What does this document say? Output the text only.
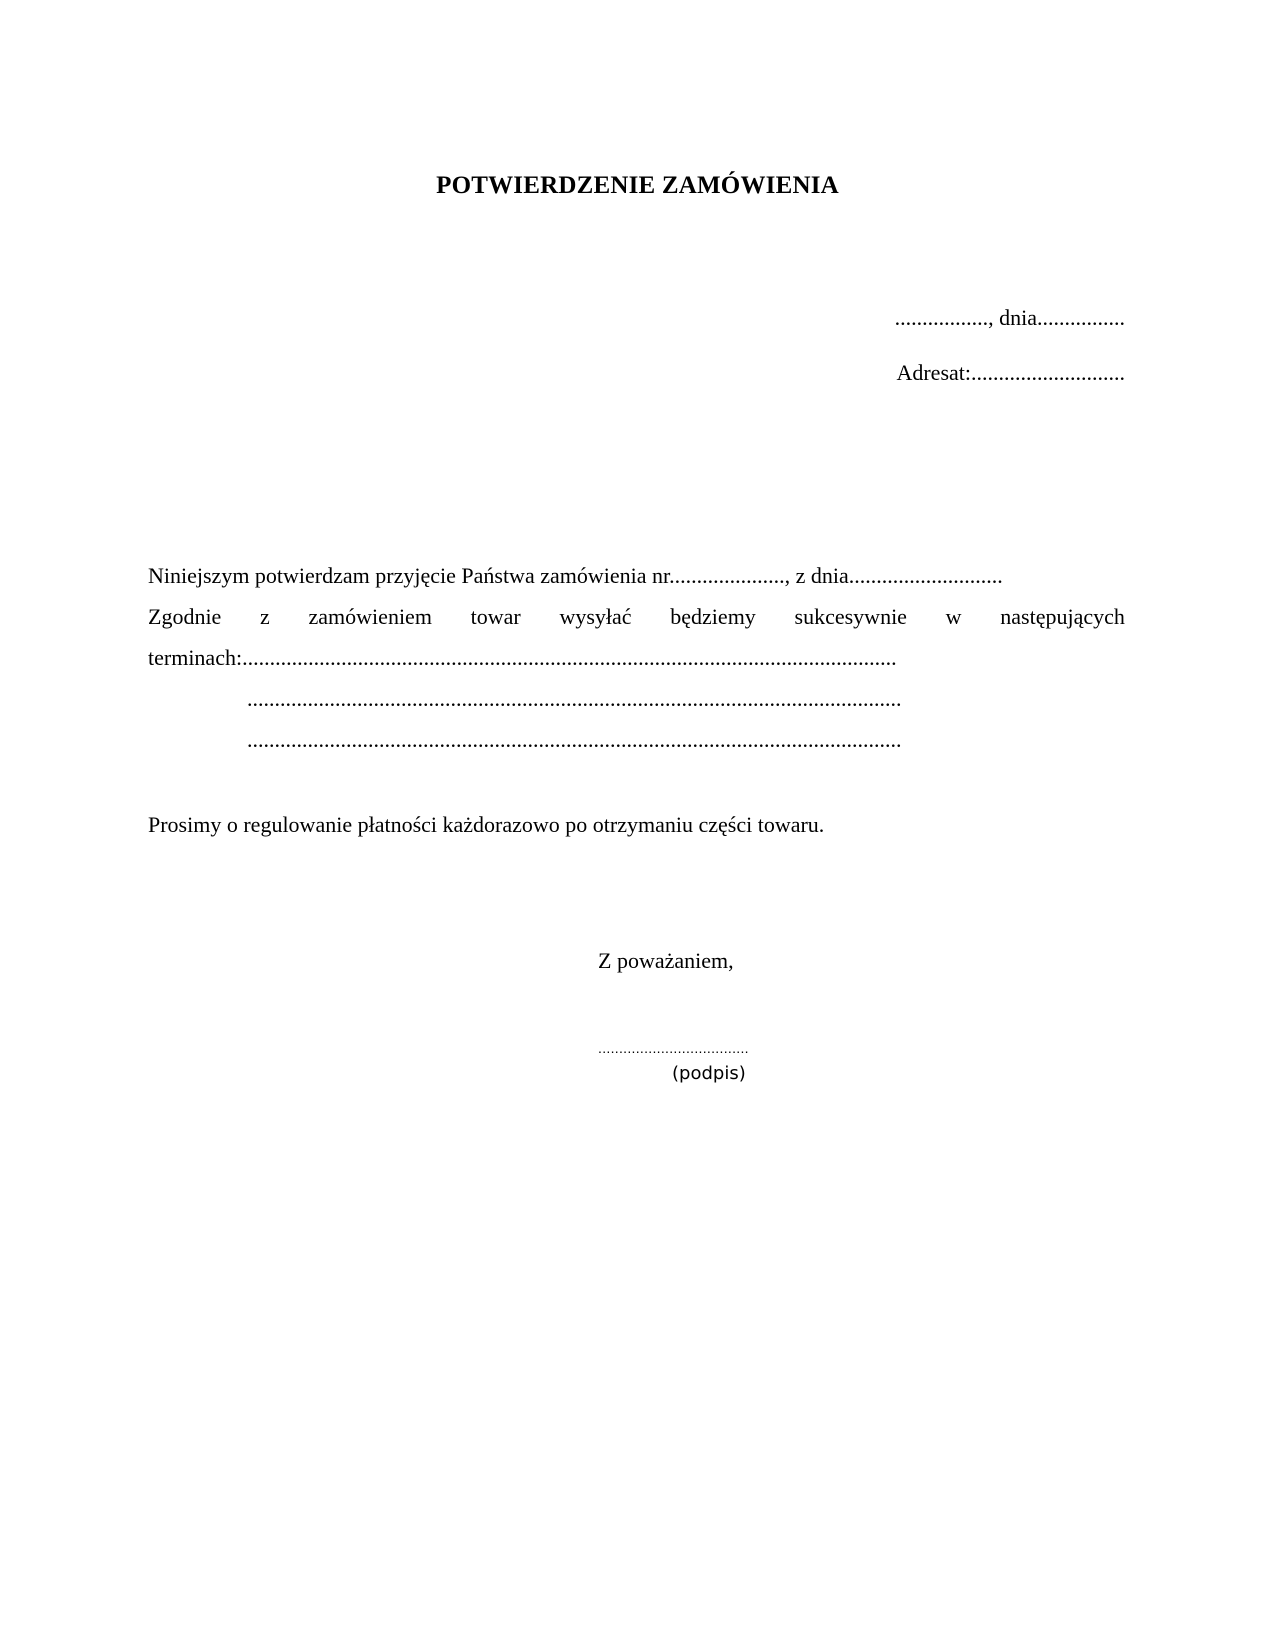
POTWIERDZENIE ZAMÓWIENIA
................., dnia................
Adresat:............................
Niniejszym potwierdzam przyjęcie Państwa zamówienia nr....................., z dnia............................
Zgodnie z zamówieniem towar wysyłać będziemy sukcesywnie w następujących
terminach:.......................................................................................................................
.......................................................................................................................
.......................................................................................................................
Prosimy o regulowanie płatności każdorazowo po otrzymaniu części towaru.
Z poważaniem,
....................................
(podpis)
